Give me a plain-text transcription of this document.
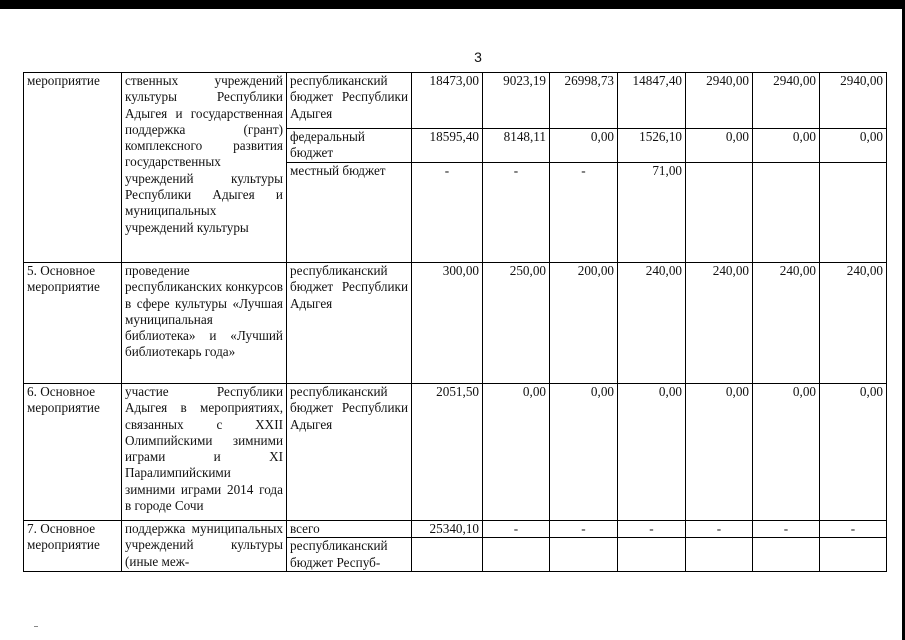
3
мероприятие	ственных учреждений культуры Республики Адыгея и государственная поддержка (грант) комплексного развития государственных учреждений культуры Республики Адыгея и муниципальных учреждений культуры	республиканский бюджет Республики Адыгея	18473,00	9023,19	26998,73	14847,40	2940,00	2940,00	2940,00
		федеральный бюджет	18595,40	8148,11	0,00	1526,10	0,00	0,00	0,00
		местный бюджет	-	-	-	71,00			
5. Основное мероприятие	проведение республиканских конкурсов в сфере культуры «Лучшая муниципальная библиотека» и «Лучший библиотекарь года»	республиканский бюджет Республики Адыгея	300,00	250,00	200,00	240,00	240,00	240,00	240,00
6. Основное мероприятие	участие Республики Адыгея в мероприятиях, связанных с XXII Олимпийскими зимними играми и XI Паралимпийскими зимними играми 2014 года в городе Сочи	республиканский бюджет Республики Адыгея	2051,50	0,00	0,00	0,00	0,00	0,00	0,00
7. Основное мероприятие	поддержка муниципальных учреждений культуры (иные меж-	всего	25340,10	-	-	-	-	-	-
		республиканский бюджет Респуб-							
